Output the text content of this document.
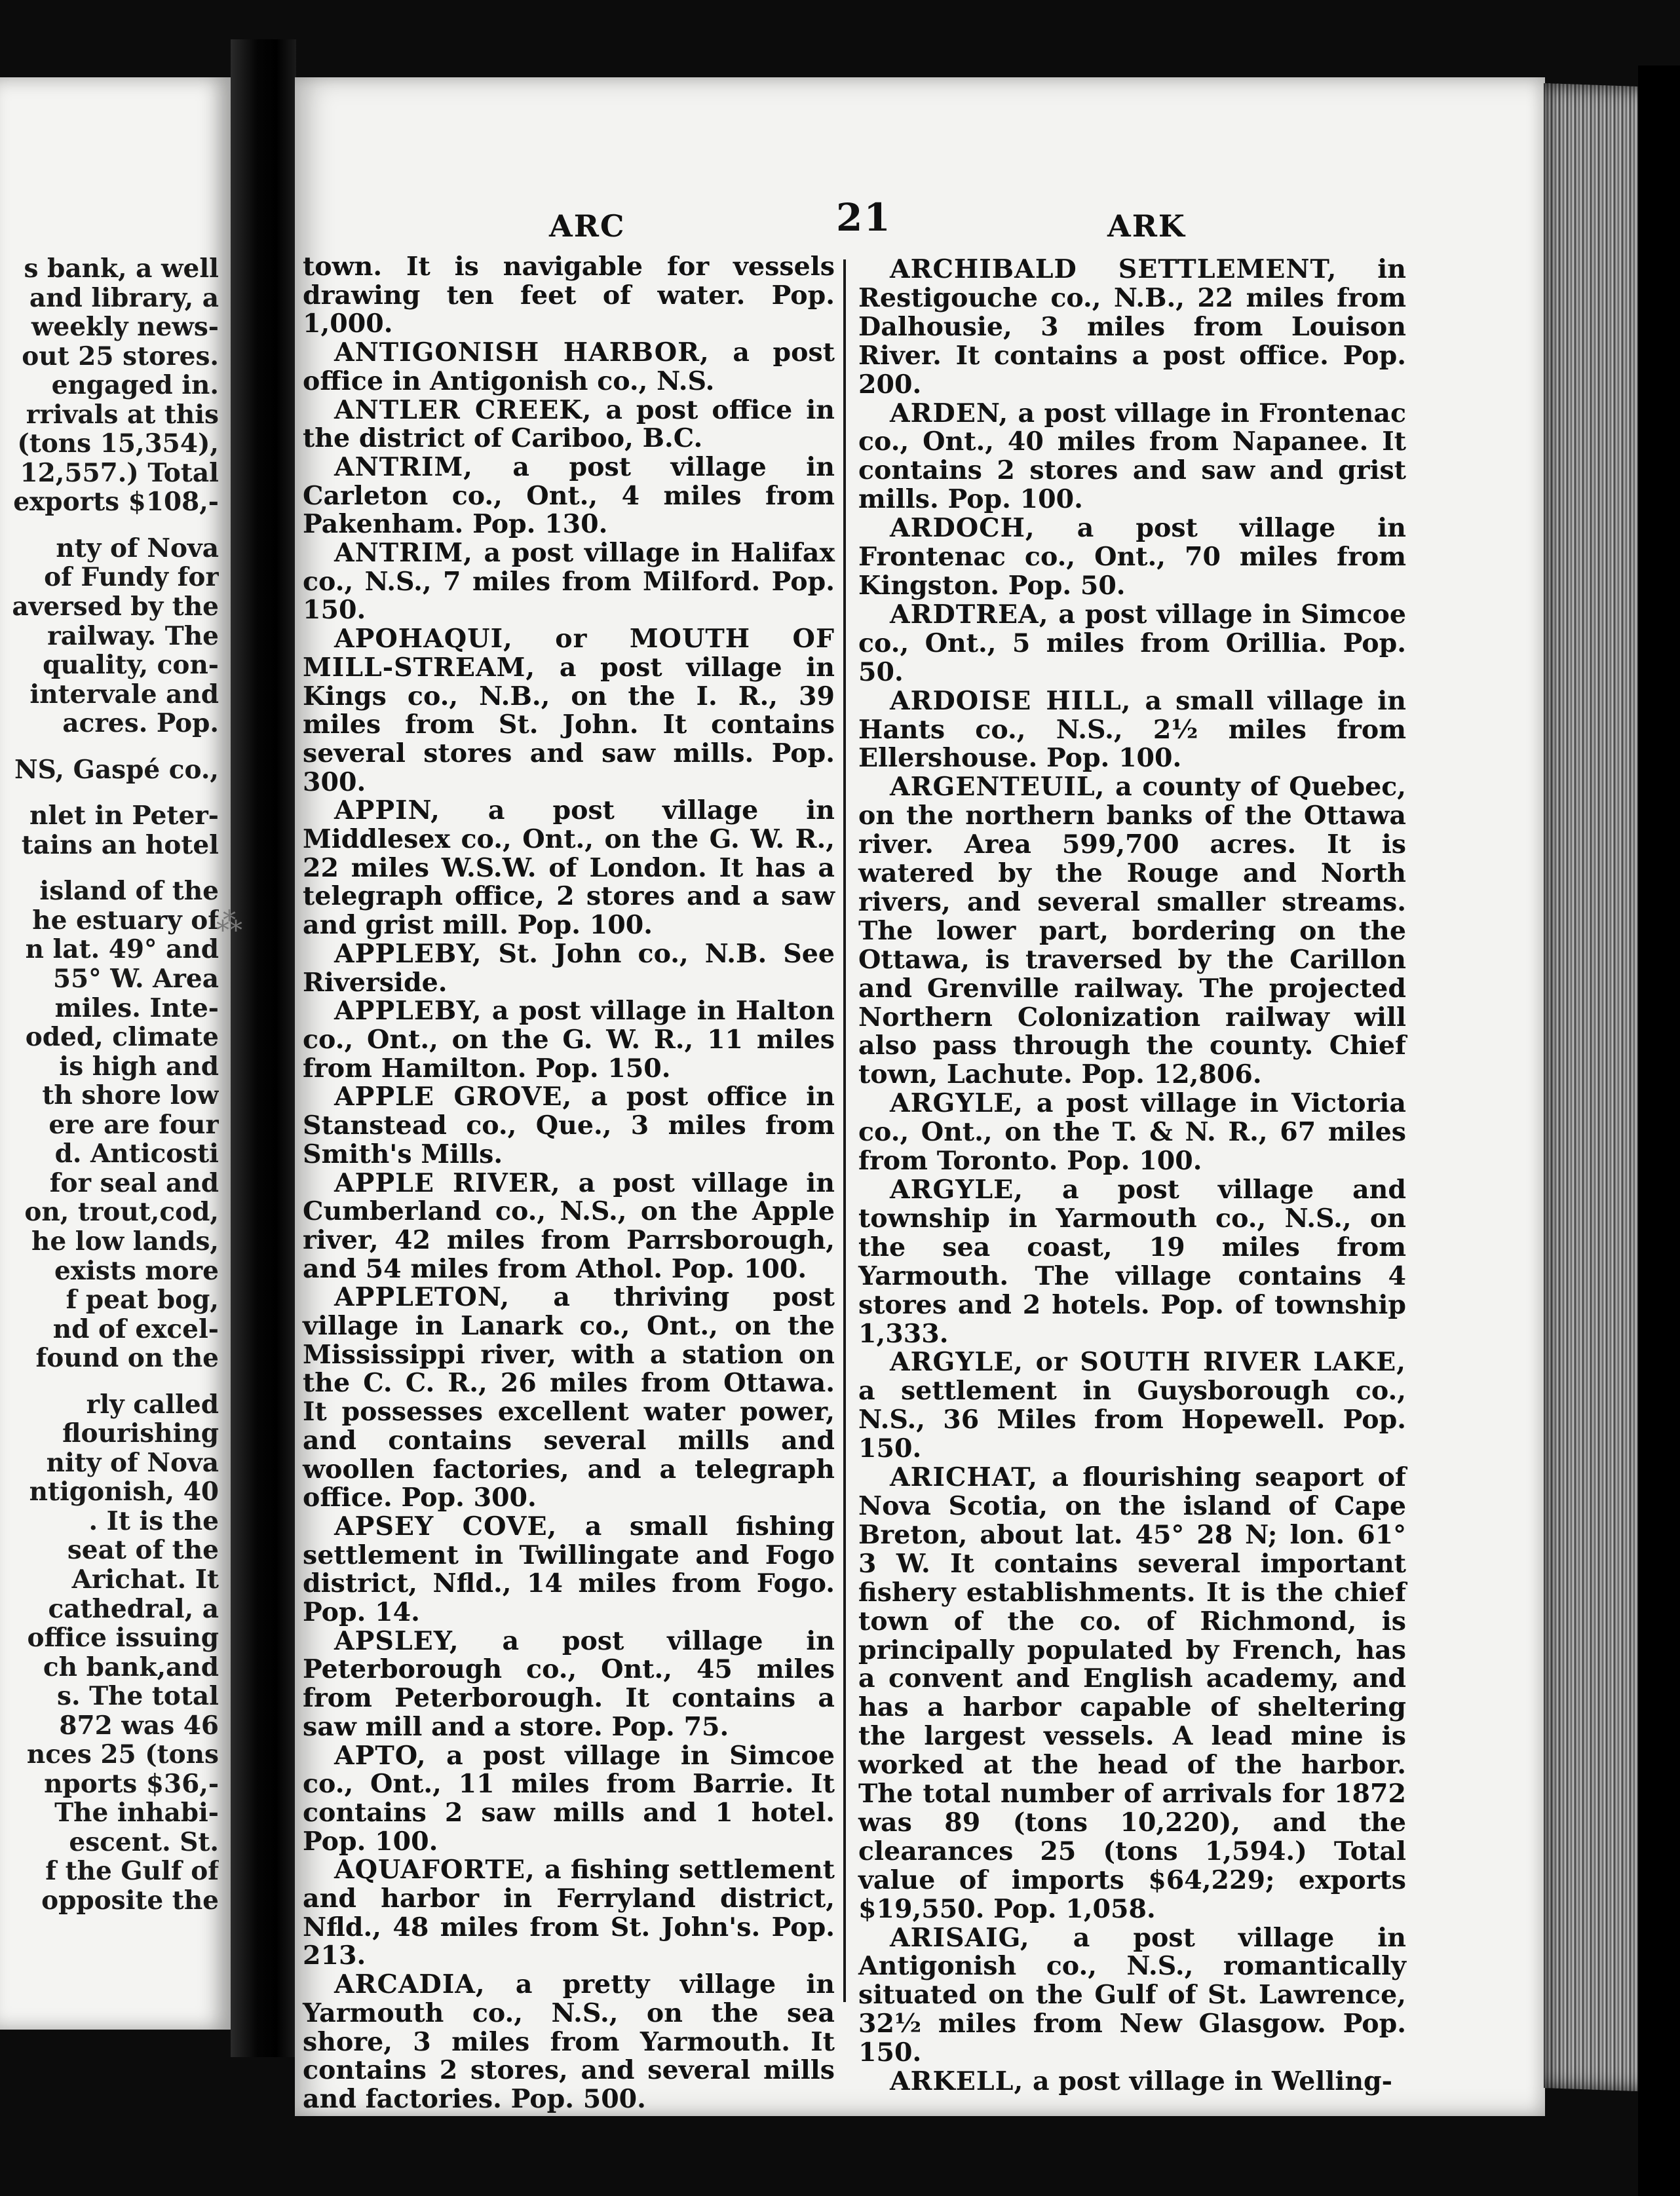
s bank, a well
and library, a
weekly news-
out 25 stores.
engaged in.
rrivals at this
(tons 15,354),
12,557.) Total
exports $108,-
nty of Nova
of Fundy for
aversed by the
railway. The
quality, con-
intervale and
acres. Pop.
NS, Gaspé co.,
nlet in Peter-
tains an hotel
island of the
he estuary of
n lat. 49° and
55° W. Area
miles. Inte-
oded, climate
is high and
th shore low
ere are four
d. Anticosti
for seal and
on, trout,cod,
he low lands,
exists more
f peat bog,
nd of excel-
found on the
rly called
flourishing
nity of Nova
ntigonish, 40
. It is the
seat of the
Arichat. It
cathedral, a
office issuing
ch bank,and
s. The total
872 was 46
nces 25 (tons
nports $36,-
The inhabi-
escent. St.
f the Gulf of
opposite the
⁂
ARC	21	ARK

town. It is navigable for vessels drawing ten feet of water. Pop. 1,000.

ANTIGONISH HARBOR, a post office in Antigonish co., N.S.

ANTLER CREEK, a post office in the district of Cariboo, B.C.

ANTRIM, a post village in Carleton co., Ont., 4 miles from Pakenham. Pop. 130.

ANTRIM, a post village in Halifax co., N.S., 7 miles from Milford. Pop. 150.

APOHAQUI, or MOUTH OF MILL-STREAM, a post village in Kings co., N.B., on the I. R., 39 miles from St. John. It contains several stores and saw mills. Pop. 300.

APPIN, a post village in Middlesex co., Ont., on the G. W. R., 22 miles W.S.W. of London. It has a telegraph office, 2 stores and a saw and grist mill. Pop. 100.

APPLEBY, St. John co., N.B. See Riverside.

APPLEBY, a post village in Halton co., Ont., on the G. W. R., 11 miles from Hamilton. Pop. 150.

APPLE GROVE, a post office in Stanstead co., Que., 3 miles from Smith's Mills.

APPLE RIVER, a post village in Cumberland co., N.S., on the Apple river, 42 miles from Parrsborough, and 54 miles from Athol. Pop. 100.

APPLETON, a thriving post village in Lanark co., Ont., on the Mississippi river, with a station on the C. C. R., 26 miles from Ottawa. It possesses excellent water power, and contains several mills and woollen factories, and a telegraph office. Pop. 300.

APSEY COVE, a small fishing settlement in Twillingate and Fogo district, Nfld., 14 miles from Fogo. Pop. 14.

APSLEY, a post village in Peterborough co., Ont., 45 miles from Peterborough. It contains a saw mill and a store. Pop. 75.

APTO, a post village in Simcoe co., Ont., 11 miles from Barrie. It contains 2 saw mills and 1 hotel. Pop. 100.

AQUAFORTE, a fishing settlement and harbor in Ferryland district, Nfld., 48 miles from St. John's. Pop. 213.

ARCADIA, a pretty village in Yarmouth co., N.S., on the sea shore, 3 miles from Yarmouth. It contains 2 stores, and several mills and factories. Pop. 500.

ARCHIBALD SETTLEMENT, in Restigouche co., N.B., 22 miles from Dalhousie, 3 miles from Louison River. It contains a post office. Pop. 200.

ARDEN, a post village in Frontenac co., Ont., 40 miles from Napanee. It contains 2 stores and saw and grist mills. Pop. 100.

ARDOCH, a post village in Frontenac co., Ont., 70 miles from Kingston. Pop. 50.

ARDTREA, a post village in Simcoe co., Ont., 5 miles from Orillia. Pop. 50.

ARDOISE HILL, a small village in Hants co., N.S., 2½ miles from Ellershouse. Pop. 100.

ARGENTEUIL, a county of Quebec, on the northern banks of the Ottawa river. Area 599,700 acres. It is watered by the Rouge and North rivers, and several smaller streams. The lower part, bordering on the Ottawa, is traversed by the Carillon and Grenville railway. The projected Northern Colonization railway will also pass through the county. Chief town, Lachute. Pop. 12,806.

ARGYLE, a post village in Victoria co., Ont., on the T. & N. R., 67 miles from Toronto. Pop. 100.

ARGYLE, a post village and township in Yarmouth co., N.S., on the sea coast, 19 miles from Yarmouth. The village contains 4 stores and 2 hotels. Pop. of township 1,333.

ARGYLE, or SOUTH RIVER LAKE, a settlement in Guysborough co., N.S., 36 Miles from Hopewell. Pop. 150.

ARICHAT, a flourishing seaport of Nova Scotia, on the island of Cape Breton, about lat. 45° 28 N; lon. 61° 3 W. It contains several important fishery establishments. It is the chief town of the co. of Richmond, is principally populated by French, has a convent and English academy, and has a harbor capable of sheltering the largest vessels. A lead mine is worked at the head of the harbor. The total number of arrivals for 1872 was 89 (tons 10,220), and the clearances 25 (tons 1,594.) Total value of imports $64,229; exports $19,550. Pop. 1,058.

ARISAIG, a post village in Antigonish co., N.S., romantically situated on the Gulf of St. Lawrence, 32½ miles from New Glasgow. Pop. 150.

ARKELL, a post village in Welling-
